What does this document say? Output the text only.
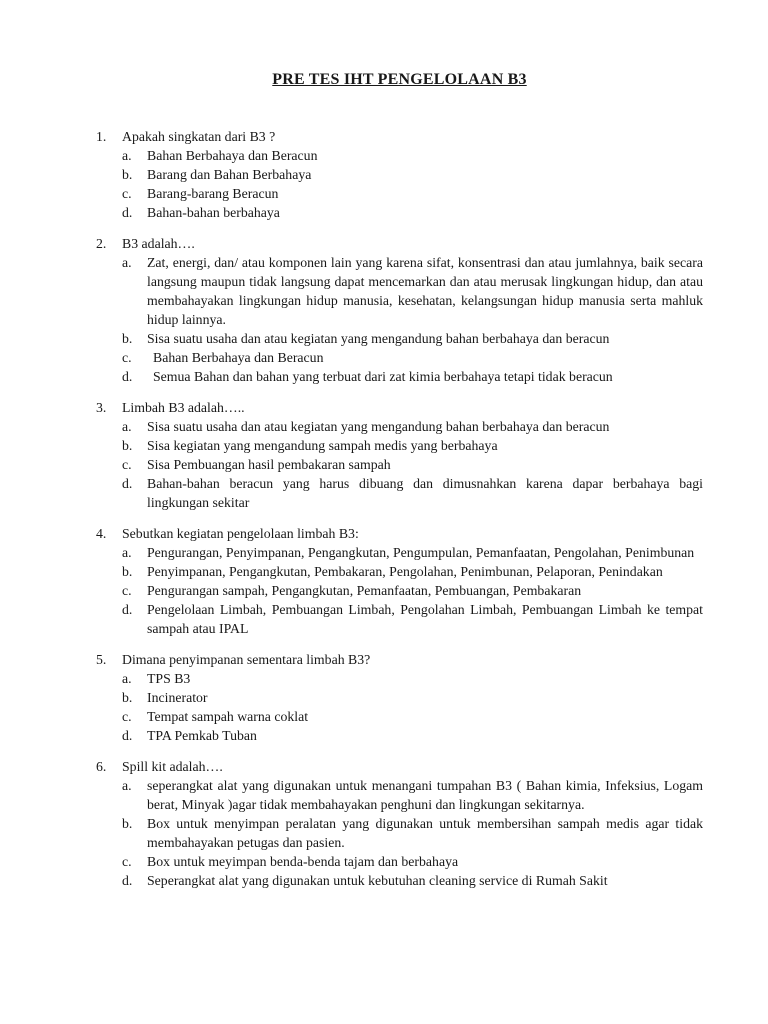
PRE TES IHT PENGELOLAAN B3
1.	Apakah singkatan dari B3 ?
a.	Bahan Berbahaya dan Beracun
b.	Barang dan Bahan Berbahaya
c.	Barang-barang Beracun
d.	Bahan-bahan berbahaya
2.	B3 adalah….
a.	Zat, energi, dan/ atau komponen lain yang karena sifat, konsentrasi dan atau jumlahnya, baik secara langsung maupun tidak langsung dapat mencemarkan dan atau merusak lingkungan hidup, dan atau membahayakan lingkungan hidup manusia, kesehatan, kelangsungan hidup manusia serta mahluk hidup lainnya.
b.	Sisa suatu usaha dan atau kegiatan yang mengandung bahan berbahaya dan beracun
c.	Bahan Berbahaya dan Beracun
d.	Semua Bahan dan bahan yang terbuat dari zat kimia berbahaya tetapi tidak beracun
3.	Limbah B3 adalah…..
a.	Sisa suatu usaha dan atau kegiatan yang mengandung bahan berbahaya dan beracun
b.	Sisa kegiatan yang mengandung sampah medis yang berbahaya
c.	Sisa Pembuangan hasil pembakaran sampah
d.	Bahan-bahan beracun yang harus dibuang dan dimusnahkan karena dapar berbahaya bagi lingkungan sekitar
4.	Sebutkan kegiatan pengelolaan limbah B3:
a.	Pengurangan, Penyimpanan, Pengangkutan, Pengumpulan, Pemanfaatan, Pengolahan, Penimbunan
b.	Penyimpanan, Pengangkutan, Pembakaran, Pengolahan, Penimbunan, Pelaporan, Penindakan
c.	Pengurangan sampah, Pengangkutan, Pemanfaatan, Pembuangan, Pembakaran
d.	Pengelolaan Limbah, Pembuangan Limbah, Pengolahan Limbah, Pembuangan Limbah ke tempat sampah atau IPAL
5.	Dimana penyimpanan sementara limbah B3?
a.	TPS B3
b.	Incinerator
c.	Tempat sampah warna coklat
d.	TPA Pemkab Tuban
6.	Spill kit adalah….
a.	seperangkat alat yang digunakan untuk menangani tumpahan B3 ( Bahan kimia, Infeksius, Logam berat, Minyak )agar tidak membahayakan penghuni dan lingkungan sekitarnya.
b.	Box untuk menyimpan peralatan yang digunakan untuk membersihan sampah medis agar tidak membahayakan petugas dan pasien.
c.	Box untuk meyimpan benda-benda tajam dan berbahaya
d.	Seperangkat alat yang digunakan untuk kebutuhan cleaning service di Rumah Sakit
